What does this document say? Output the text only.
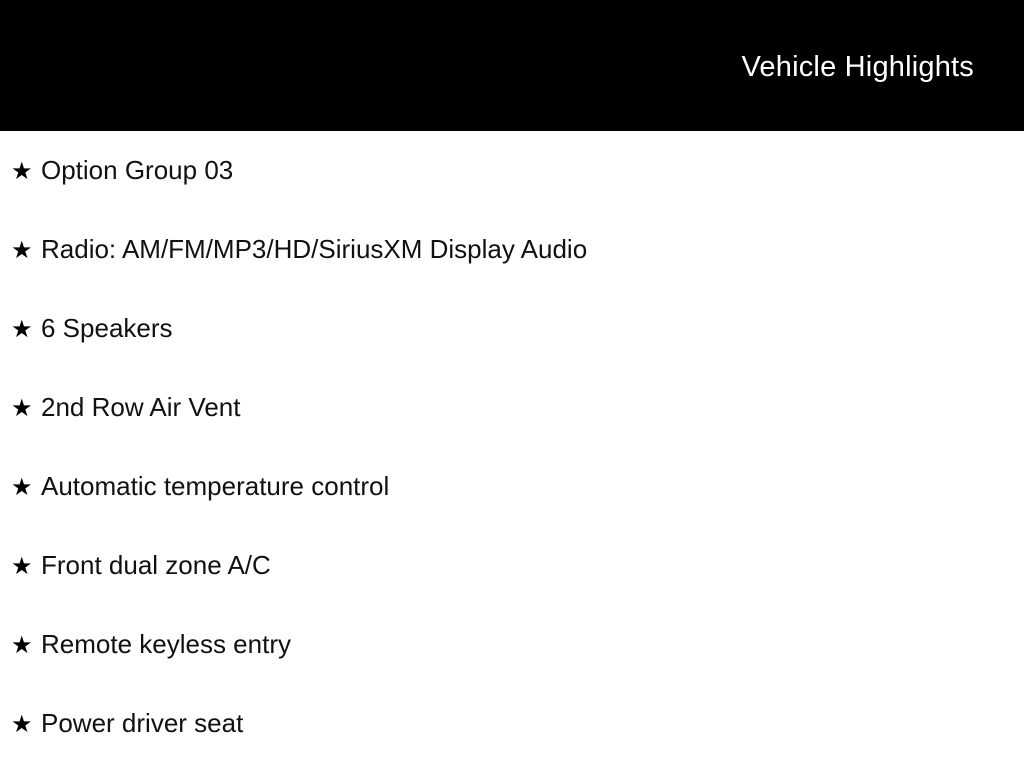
Vehicle Highlights
★ Option Group 03
★ Radio: AM/FM/MP3/HD/SiriusXM Display Audio
★ 6 Speakers
★ 2nd Row Air Vent
★ Automatic temperature control
★ Front dual zone A/C
★ Remote keyless entry
★ Power driver seat
